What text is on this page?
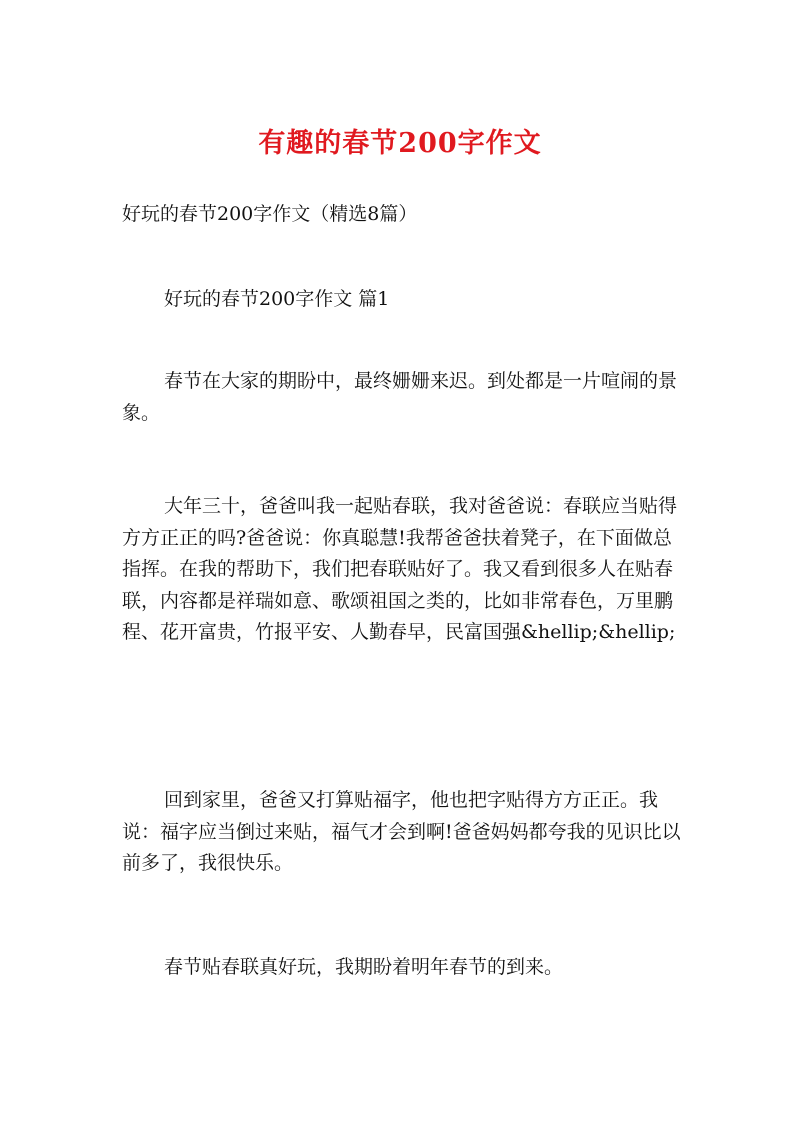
有趣的春节200字作文
好玩的春节200字作文（精选8篇）
好玩的春节200字作文 篇1

春节在大家的期盼中，最终姗姗来迟。到处都是一片喧闹的景象。

大年三十，爸爸叫我一起贴春联，我对爸爸说：春联应当贴得方方正正的吗?爸爸说：你真聪慧!我帮爸爸扶着凳子，在下面做总指挥。在我的帮助下，我们把春联贴好了。我又看到很多人在贴春联，内容都是祥瑞如意、歌颂祖国之类的，比如非常春色，万里鹏程、花开富贵，竹报平安、人勤春早，民富国强&hellip;&hellip;

回到家里，爸爸又打算贴福字，他也把字贴得方方正正。我说：福字应当倒过来贴，福气才会到啊!爸爸妈妈都夸我的见识比以前多了，我很快乐。

春节贴春联真好玩，我期盼着明年春节的到来。
